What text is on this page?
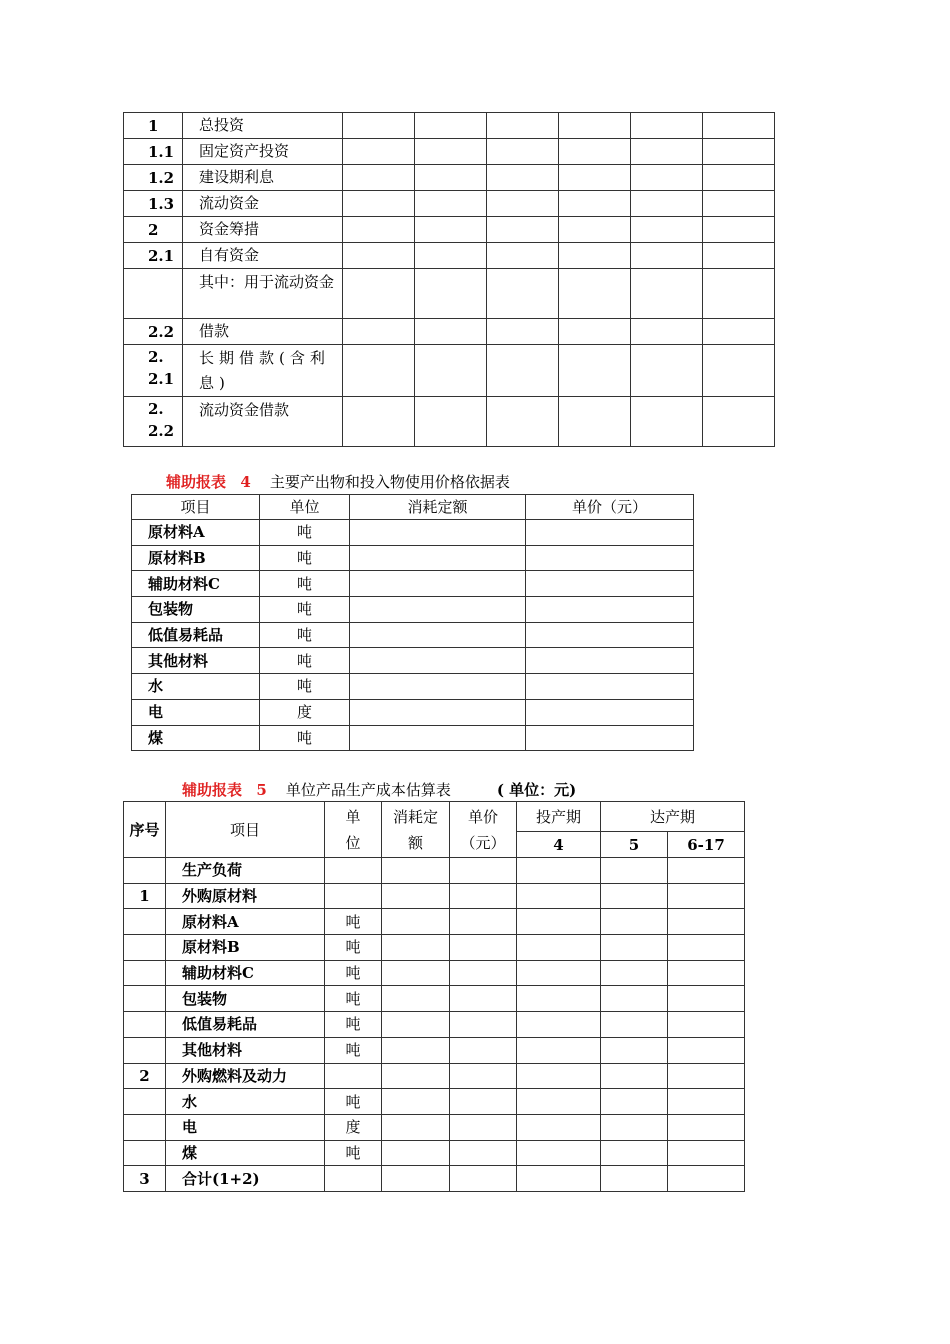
1	总投资						
1.1	固定资产投资						
1.2	建设期利息						
1.3	流动资金						
2	资金筹措						
2.1	自有资金						
	其中：用于流动资金						
2.2	借款						
2.2.1	长期借款(含利息)						
2.2.2	流动资金借款						
辅助报表 4 主要产出物和投入物使用价格依据表
项目	单位	消耗定额	单价（元）
原材料A	吨		
原材料B	吨		
辅助材料C	吨		
包装物	吨		
低值易耗品	吨		
其他材料	吨		
水	吨		
电	度		
煤	吨		
辅助报表 5 单位产品生产成本估算表	( 单位：元)
序号	项目	单位	消耗定额	单价（元）	投产期	达产期	
					4	5	6-17
	生产负荷						
1	外购原材料						
	原材料A	吨					
	原材料B	吨					
	辅助材料C	吨					
	包装物	吨					
	低值易耗品	吨					
	其他材料	吨					
2	外购燃料及动力						
	水	吨					
	电	度					
	煤	吨					
3	合计(1+2)						
